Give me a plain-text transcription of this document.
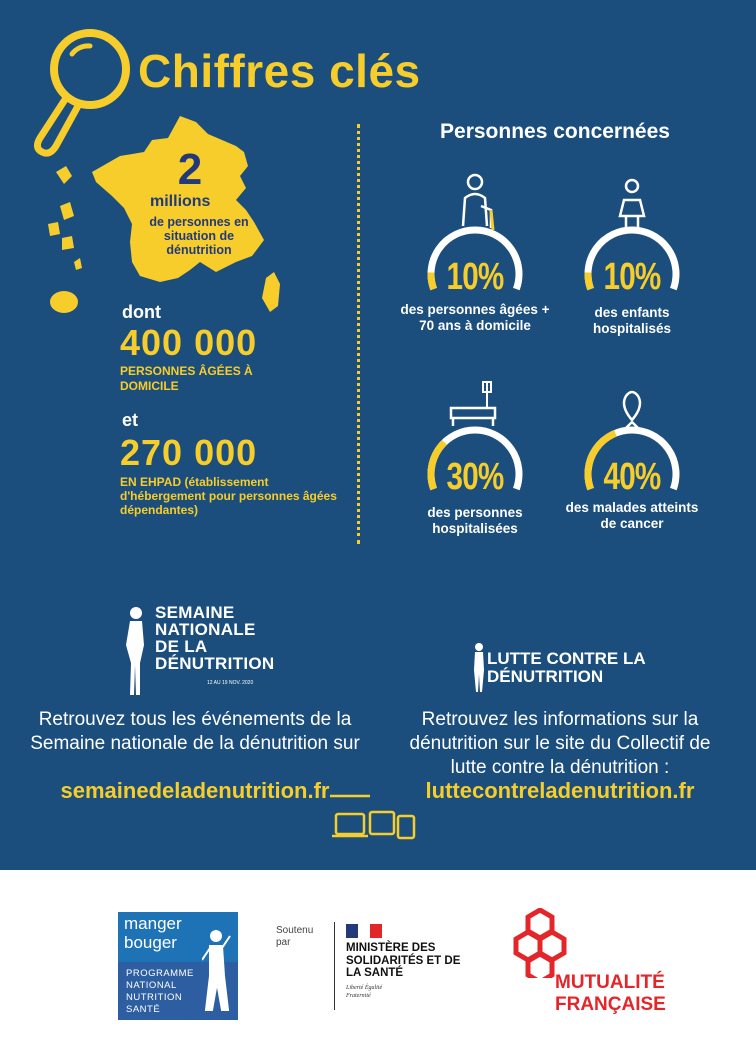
Chiffres clés
2
millions
de personnes en situation de dénutrition
dont
400 000
PERSONNES ÂGÉES À DOMICILE
et
270 000
EN EHPAD (établissement d'hébergement pour personnes âgées dépendantes)
Personnes concernées
10%
des personnes âgées + 70 ans à domicile
10%
des enfants hospitalisés
30%
des personnes hospitalisées
40%
des malades atteints de cancer
SEMAINE NATIONALE DE LA DÉNUTRITION
12 AU 19 NOV. 2020
LUTTE CONTRE LA DÉNUTRITION
Retrouvez tous les événements de la Semaine nationale de la dénutrition sur
semainedeladenutrition.fr
Retrouvez les informations sur la dénutrition sur le site du Collectif de lutte contre la dénutrition :
luttecontreladenutrition.fr
manger
bouger
PROGRAMME NATIONAL NUTRITION SANTÉ
Soutenu par	MINISTÈRE DES SOLIDARITÉS ET DE LA SANTÉ
Liberté Égalité Fraternité
MUTUALITÉ FRANÇAISE
